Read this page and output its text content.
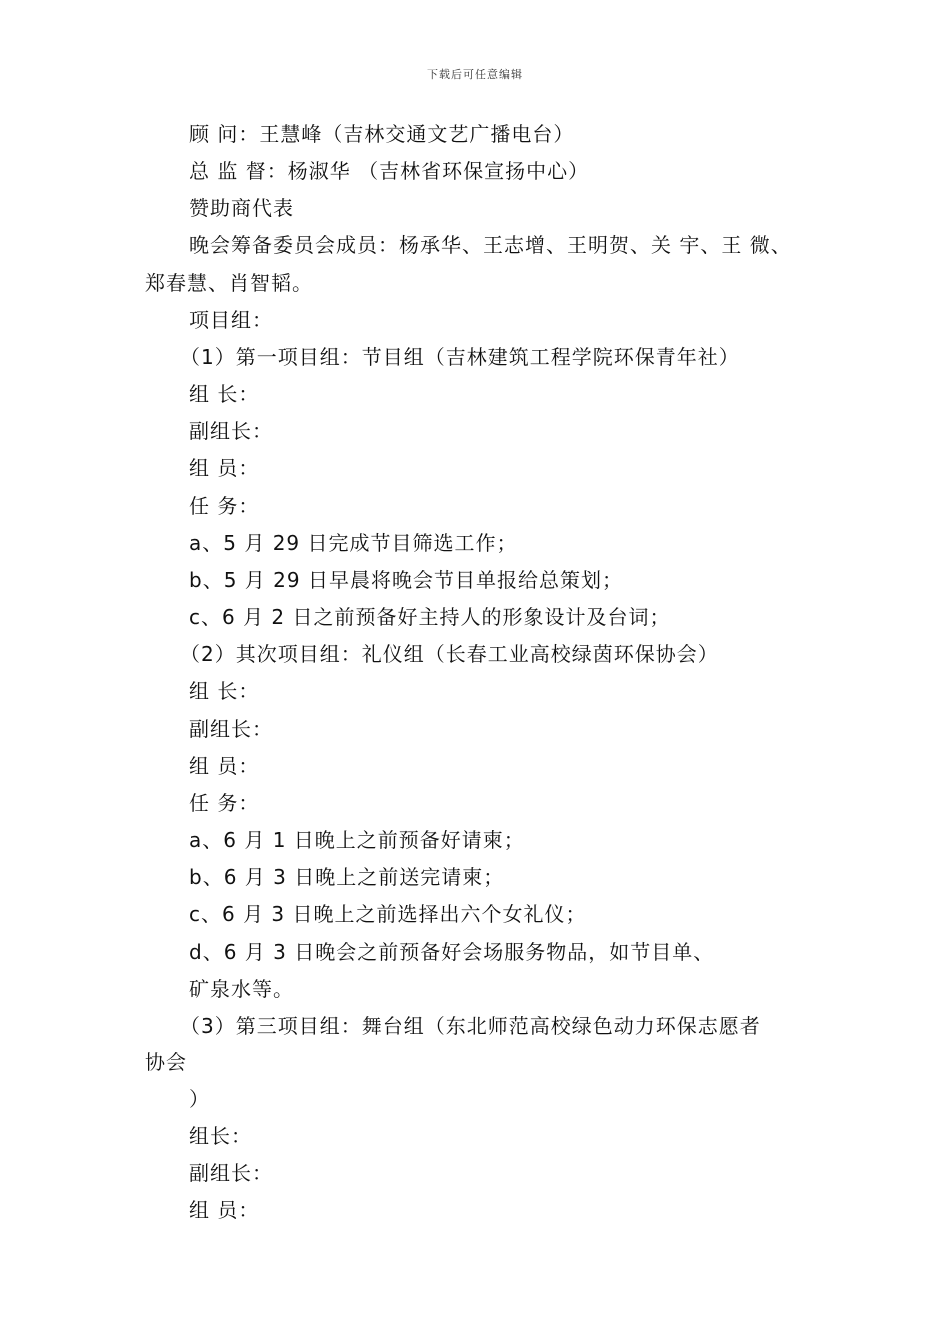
下载后可任意编辑
顾 问：王慧峰（吉林交通文艺广播电台）
总 监 督：杨淑华 （吉林省环保宣扬中心）
赞助商代表
晚会筹备委员会成员：杨承华、王志增、王明贺、关 宇、王 微、
郑春慧、肖智韬。
项目组：
（1）第一项目组：节目组（吉林建筑工程学院环保青年社）
组 长：
副组长：
组 员：
任 务：
a、5 月 29 日完成节目筛选工作；
b、5 月 29 日早晨将晚会节目单报给总策划；
c、6 月 2 日之前预备好主持人的形象设计及台词；
（2）其次项目组：礼仪组（长春工业高校绿茵环保协会）
组 长：
副组长：
组 员：
任 务：
a、6 月 1 日晚上之前预备好请柬；
b、6 月 3 日晚上之前送完请柬；
c、6 月 3 日晚上之前选择出六个女礼仪；
d、6 月 3 日晚会之前预备好会场服务物品，如节目单、
矿泉水等。
（3）第三项目组：舞台组（东北师范高校绿色动力环保志愿者
协会
）
组长：
副组长：
组 员：
